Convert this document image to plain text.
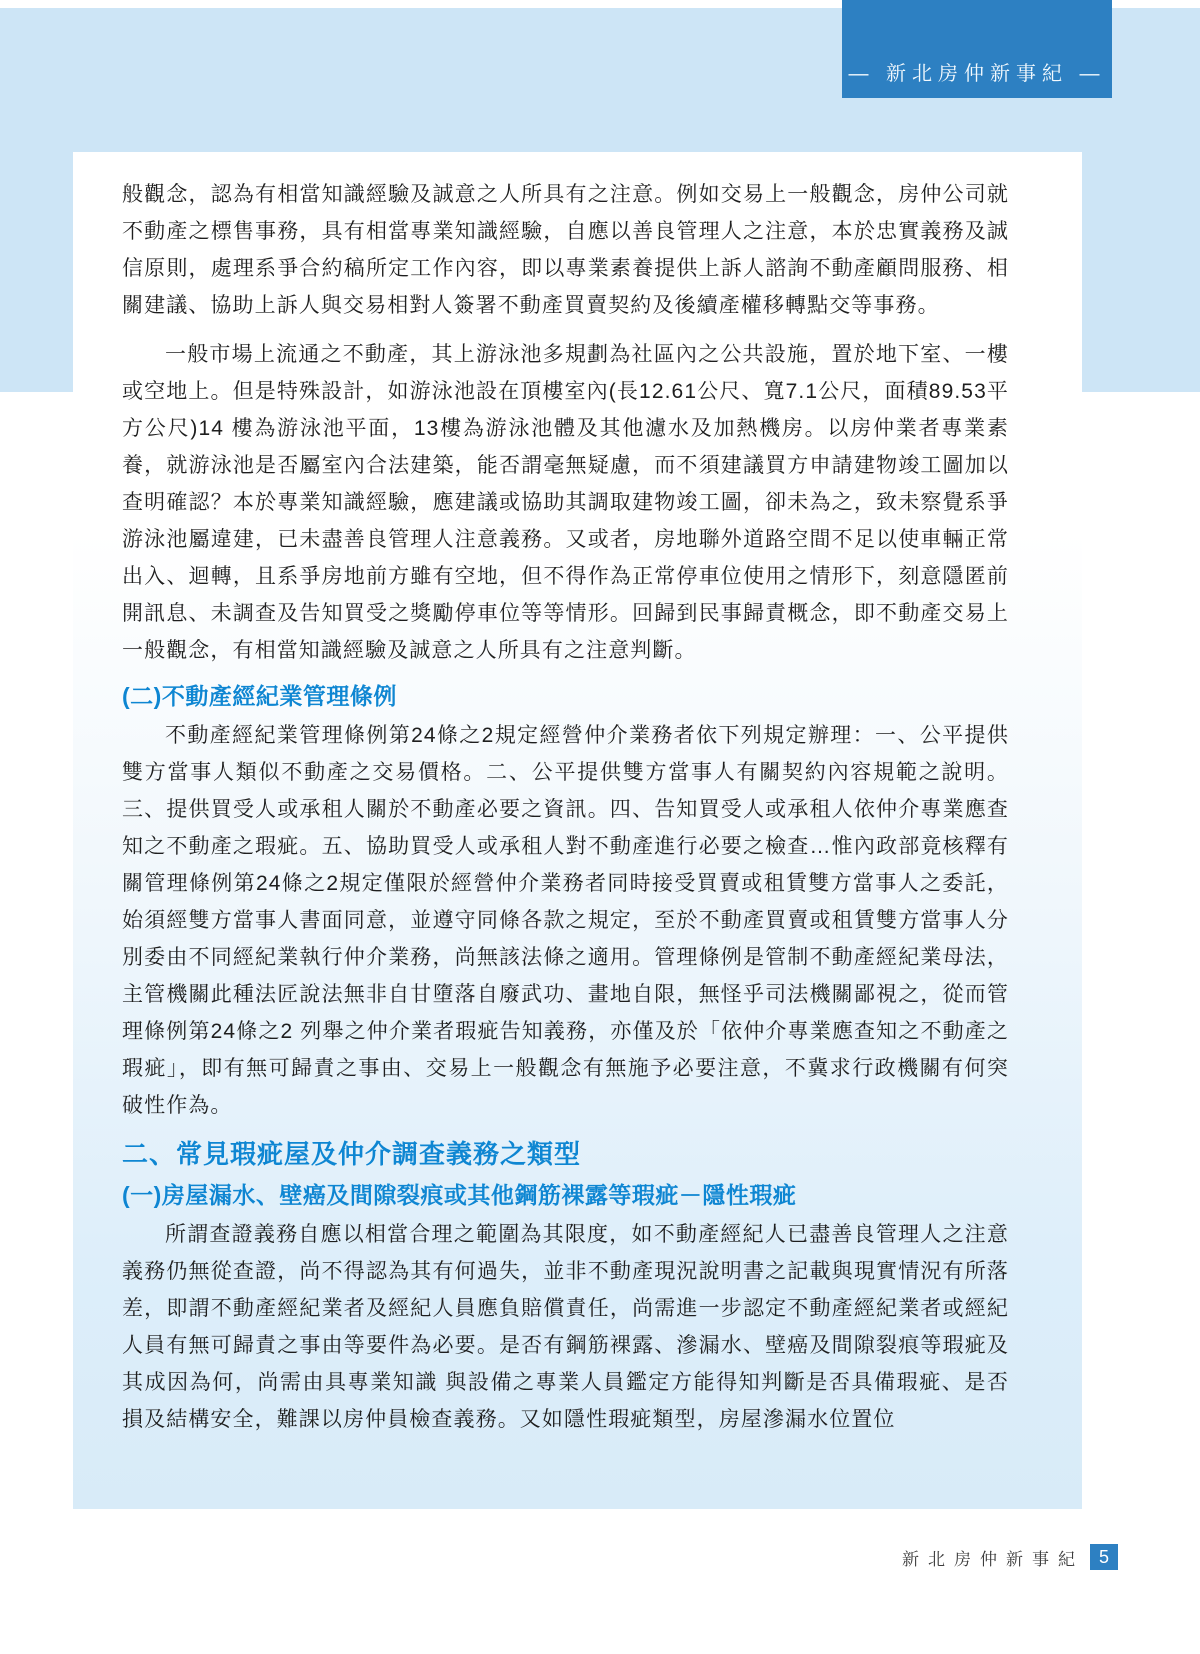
— 新北房仲新事紀 —

般觀念，認為有相當知識經驗及誠意之人所具有之注意。例如交易上一般觀念，房仲公司就不動產之標售事務，具有相當專業知識經驗，自應以善良管理人之注意，本於忠實義務及誠信原則，處理系爭合約稿所定工作內容，即以專業素養提供上訴人諮詢不動產顧問服務、相關建議、協助上訴人與交易相對人簽署不動產買賣契約及後續產權移轉點交等事務。

一般市場上流通之不動產，其上游泳池多規劃為社區內之公共設施，置於地下室、一樓或空地上。但是特殊設計，如游泳池設在頂樓室內(長12.61公尺、寬7.1公尺，面積89.53平方公尺)14 樓為游泳池平面，13樓為游泳池體及其他濾水及加熱機房。以房仲業者專業素養，就游泳池是否屬室內合法建築，能否謂毫無疑慮，而不須建議買方申請建物竣工圖加以查明確認？本於專業知識經驗，應建議或協助其調取建物竣工圖，卻未為之，致未察覺系爭游泳池屬違建，已未盡善良管理人注意義務。又或者，房地聯外道路空間不足以使車輛正常出入、迴轉，且系爭房地前方雖有空地，但不得作為正常停車位使用之情形下，刻意隱匿前開訊息、未調查及告知買受之獎勵停車位等等情形。回歸到民事歸責概念，即不動產交易上一般觀念，有相當知識經驗及誠意之人所具有之注意判斷。

(二)不動產經紀業管理條例

不動產經紀業管理條例第24條之2規定經營仲介業務者依下列規定辦理：一、公平提供雙方當事人類似不動產之交易價格。二、公平提供雙方當事人有關契約內容規範之說明。三、提供買受人或承租人關於不動產必要之資訊。四、告知買受人或承租人依仲介專業應查知之不動產之瑕疵。五、協助買受人或承租人對不動產進行必要之檢查…惟內政部竟核釋有關管理條例第24條之2規定僅限於經營仲介業務者同時接受買賣或租賃雙方當事人之委託，始須經雙方當事人書面同意，並遵守同條各款之規定，至於不動產買賣或租賃雙方當事人分別委由不同經紀業執行仲介業務，尚無該法條之適用。管理條例是管制不動產經紀業母法，主管機關此種法匠說法無非自甘墮落自廢武功、畫地自限，無怪乎司法機關鄙視之，從而管理條例第24條之2 列舉之仲介業者瑕疵告知義務，亦僅及於「依仲介專業應查知之不動產之瑕疵」，即有無可歸責之事由、交易上一般觀念有無施予必要注意，不冀求行政機關有何突破性作為。

二、常見瑕疵屋及仲介調查義務之類型
(一)房屋漏水、壁癌及間隙裂痕或其他鋼筋裸露等瑕疵－隱性瑕疵

所謂查證義務自應以相當合理之範圍為其限度，如不動產經紀人已盡善良管理人之注意義務仍無從查證，尚不得認為其有何過失，並非不動產現況說明書之記載與現實情況有所落差，即謂不動產經紀業者及經紀人員應負賠償責任，尚需進一步認定不動產經紀業者或經紀人員有無可歸責之事由等要件為必要。是否有鋼筋裸露、滲漏水、壁癌及間隙裂痕等瑕疵及其成因為何，尚需由具專業知識 與設備之專業人員鑑定方能得知判斷是否具備瑕疵、是否損及結構安全，難課以房仲員檢查義務。又如隱性瑕疵類型，房屋滲漏水位置位

新北房仲新事紀 5
